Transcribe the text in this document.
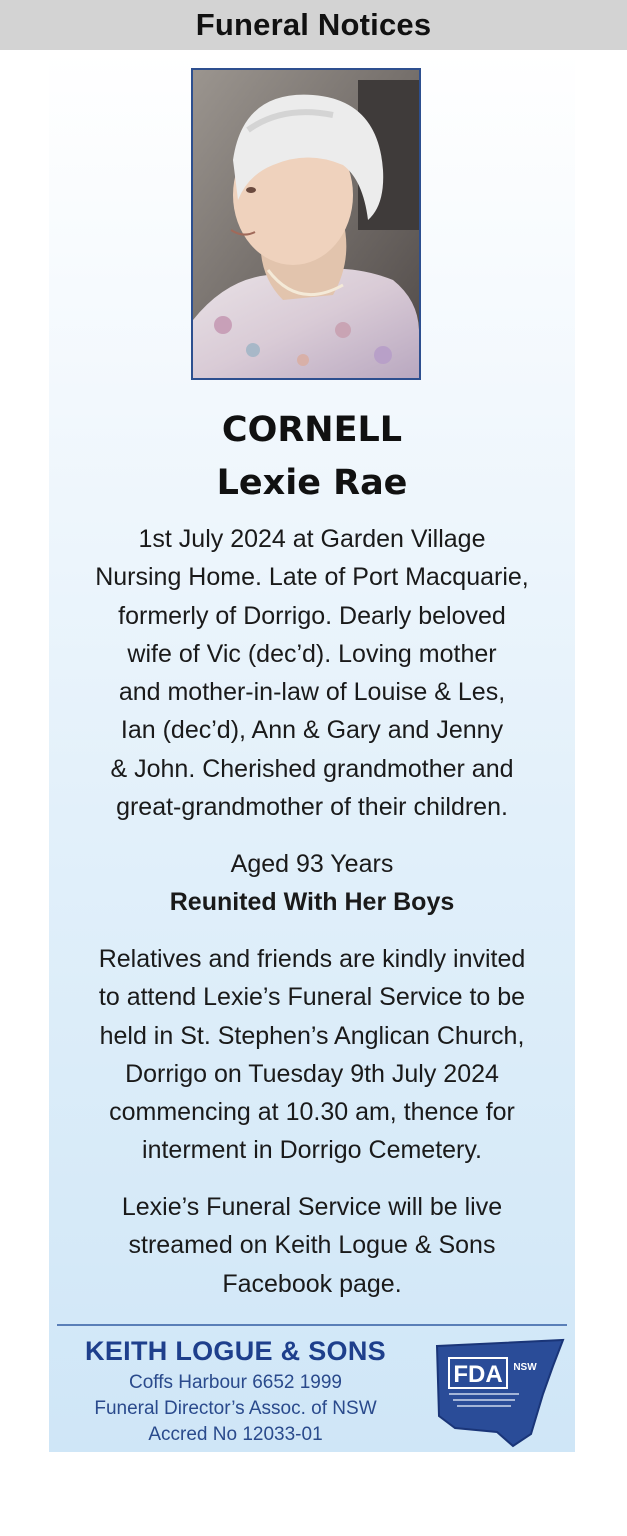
Funeral Notices
CORNELL
Lexie Rae
1st July 2024 at Garden Village
Nursing Home. Late of Port Macquarie,
formerly of Dorrigo. Dearly beloved
wife of Vic (dec’d). Loving mother
and mother-in-law of Louise & Les,
Ian (dec’d), Ann & Gary and Jenny
& John. Cherished grandmother and
great-grandmother of their children.
Aged 93 Years
Reunited With Her Boys
Relatives and friends are kindly invited
to attend Lexie’s Funeral Service to be
held in St. Stephen’s Anglican Church,
Dorrigo on Tuesday 9th July 2024
commencing at 10.30 am, thence for
interment in Dorrigo Cemetery.
Lexie’s Funeral Service will be live
streamed on Keith Logue & Sons
Facebook page.
KEITH LOGUE & SONS
Coffs Harbour 6652 1999
Funeral Director’s Assoc. of NSW
Accred No 12033-01
FDA NSW
